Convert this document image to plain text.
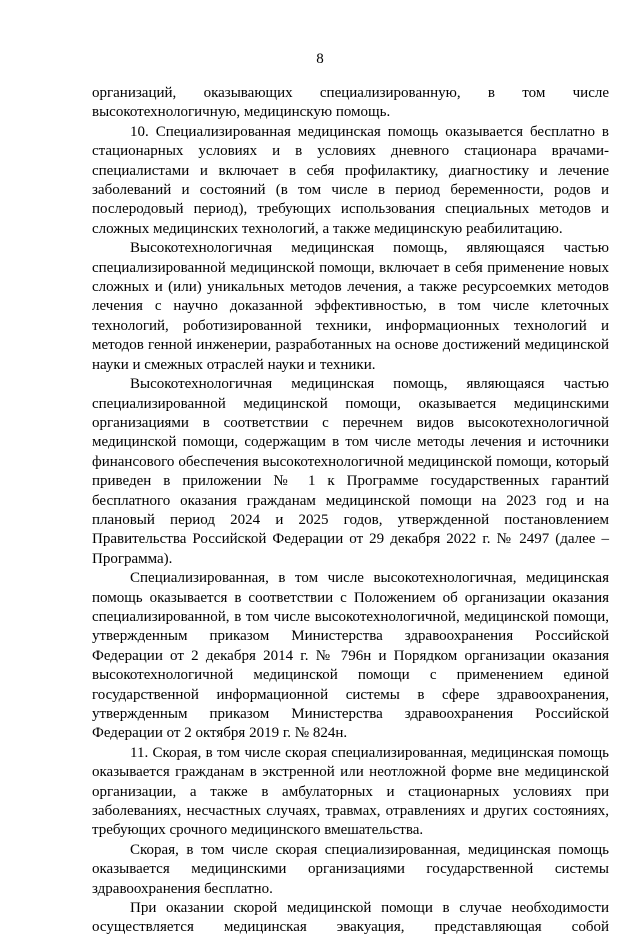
8

организаций, оказывающих специализированную, в том числе высокотехнологичную, медицинскую помощь.

10. Специализированная медицинская помощь оказывается бесплатно в стационарных условиях и в условиях дневного стационара врачами-специалистами и включает в себя профилактику, диагностику и лечение заболеваний и состояний (в том числе в период беременности, родов и послеродовый период), требующих использования специальных методов и сложных медицинских технологий, а также медицинскую реабилитацию.

Высокотехнологичная медицинская помощь, являющаяся частью специализированной медицинской помощи, включает в себя применение новых сложных и (или) уникальных методов лечения, а также ресурсоемких методов лечения с научно доказанной эффективностью, в том числе клеточных технологий, роботизированной техники, информационных технологий и методов генной инженерии, разработанных на основе достижений медицинской науки и смежных отраслей науки и техники.

Высокотехнологичная медицинская помощь, являющаяся частью специализированной медицинской помощи, оказывается медицинскими организациями в соответствии с перечнем видов высокотехнологичной медицинской помощи, содержащим в том числе методы лечения и источники финансового обеспечения высокотехнологичной медицинской помощи, который приведен в приложении № 1 к Программе государственных гарантий бесплатного оказания гражданам медицинской помощи на 2023 год и на плановый период 2024 и 2025 годов, утвержденной постановлением Правительства Российской Федерации от 29 декабря 2022 г. № 2497 (далее – Программа).

Специализированная, в том числе высокотехнологичная, медицинская помощь оказывается в соответствии с Положением об организации оказания специализированной, в том числе высокотехнологичной, медицинской помощи, утвержденным приказом Министерства здравоохранения Российской Федерации от 2 декабря 2014 г. № 796н и Порядком организации оказания высокотехнологичной медицинской помощи с применением единой государственной информационной системы в сфере здравоохранения, утвержденным приказом Министерства здравоохранения Российской Федерации от 2 октября 2019 г. № 824н.

11. Скорая, в том числе скорая специализированная, медицинская помощь оказывается гражданам в экстренной или неотложной форме вне медицинской организации, а также в амбулаторных и стационарных условиях при заболеваниях, несчастных случаях, травмах, отравлениях и других состояниях, требующих срочного медицинского вмешательства.

Скорая, в том числе скорая специализированная, медицинская помощь оказывается медицинскими организациями государственной системы здравоохранения бесплатно.

При оказании скорой медицинской помощи в случае необходимости осуществляется медицинская эвакуация, представляющая собой
